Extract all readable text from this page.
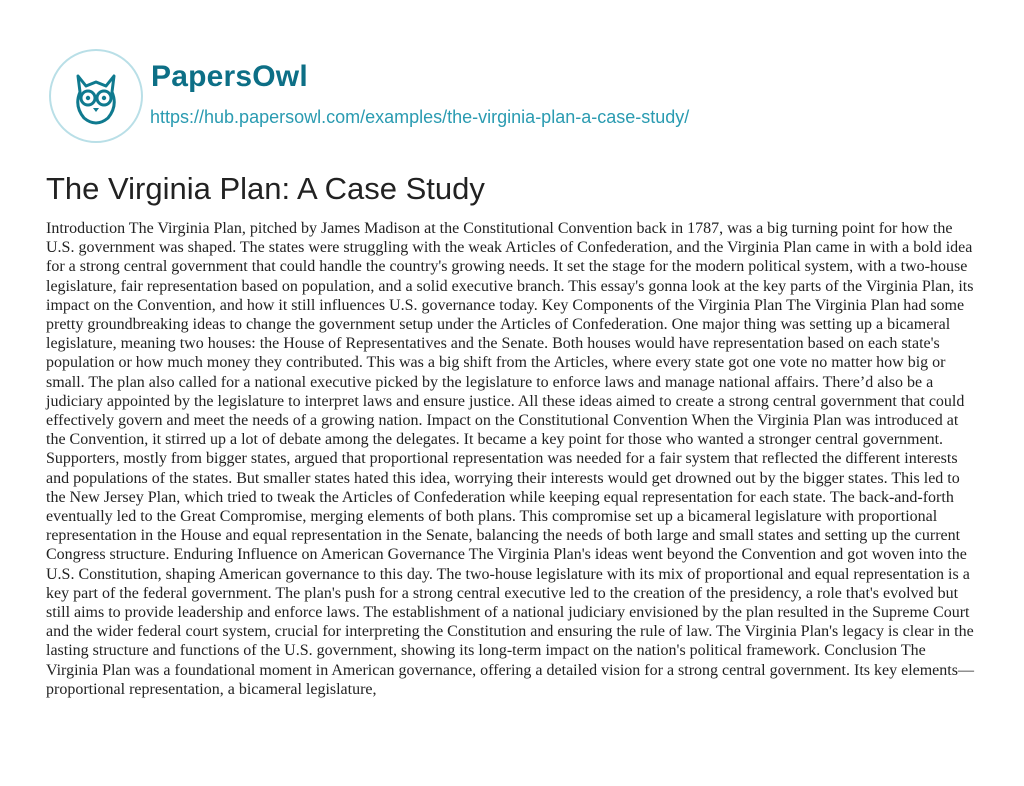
PapersOwl
https://hub.papersowl.com/examples/the-virginia-plan-a-case-study/
The Virginia Plan: A Case Study

Introduction The Virginia Plan, pitched by James Madison at the Constitutional Convention back in 1787, was a big turning point for how the U.S. government was shaped. The states were struggling with the weak Articles of Confederation, and the Virginia Plan came in with a bold idea for a strong central government that could handle the country's growing needs. It set the stage for the modern political system, with a two-house legislature, fair representation based on population, and a solid executive branch. This essay's gonna look at the key parts of the Virginia Plan, its impact on the Convention, and how it still influences U.S. governance today. Key Components of the Virginia Plan The Virginia Plan had some pretty groundbreaking ideas to change the government setup under the Articles of Confederation. One major thing was setting up a bicameral legislature, meaning two houses: the House of Representatives and the Senate. Both houses would have representation based on each state's population or how much money they contributed. This was a big shift from the Articles, where every state got one vote no matter how big or small. The plan also called for a national executive picked by the legislature to enforce laws and manage national affairs. There’d also be a judiciary appointed by the legislature to interpret laws and ensure justice. All these ideas aimed to create a strong central government that could effectively govern and meet the needs of a growing nation. Impact on the Constitutional Convention When the Virginia Plan was introduced at the Convention, it stirred up a lot of debate among the delegates. It became a key point for those who wanted a stronger central government. Supporters, mostly from bigger states, argued that proportional representation was needed for a fair system that reflected the different interests and populations of the states. But smaller states hated this idea, worrying their interests would get drowned out by the bigger states. This led to the New Jersey Plan, which tried to tweak the Articles of Confederation while keeping equal representation for each state. The back-and-forth eventually led to the Great Compromise, merging elements of both plans. This compromise set up a bicameral legislature with proportional representation in the House and equal representation in the Senate, balancing the needs of both large and small states and setting up the current Congress structure. Enduring Influence on American Governance The Virginia Plan's ideas went beyond the Convention and got woven into the U.S. Constitution, shaping American governance to this day. The two-house legislature with its mix of proportional and equal representation is a key part of the federal government. The plan's push for a strong central executive led to the creation of the presidency, a role that's evolved but still aims to provide leadership and enforce laws. The establishment of a national judiciary envisioned by the plan resulted in the Supreme Court and the wider federal court system, crucial for interpreting the Constitution and ensuring the rule of law. The Virginia Plan's legacy is clear in the lasting structure and functions of the U.S. government, showing its long-term impact on the nation's political framework. Conclusion The Virginia Plan was a foundational moment in American governance, offering a detailed vision for a strong central government. Its key elements—proportional representation, a bicameral legislature,
